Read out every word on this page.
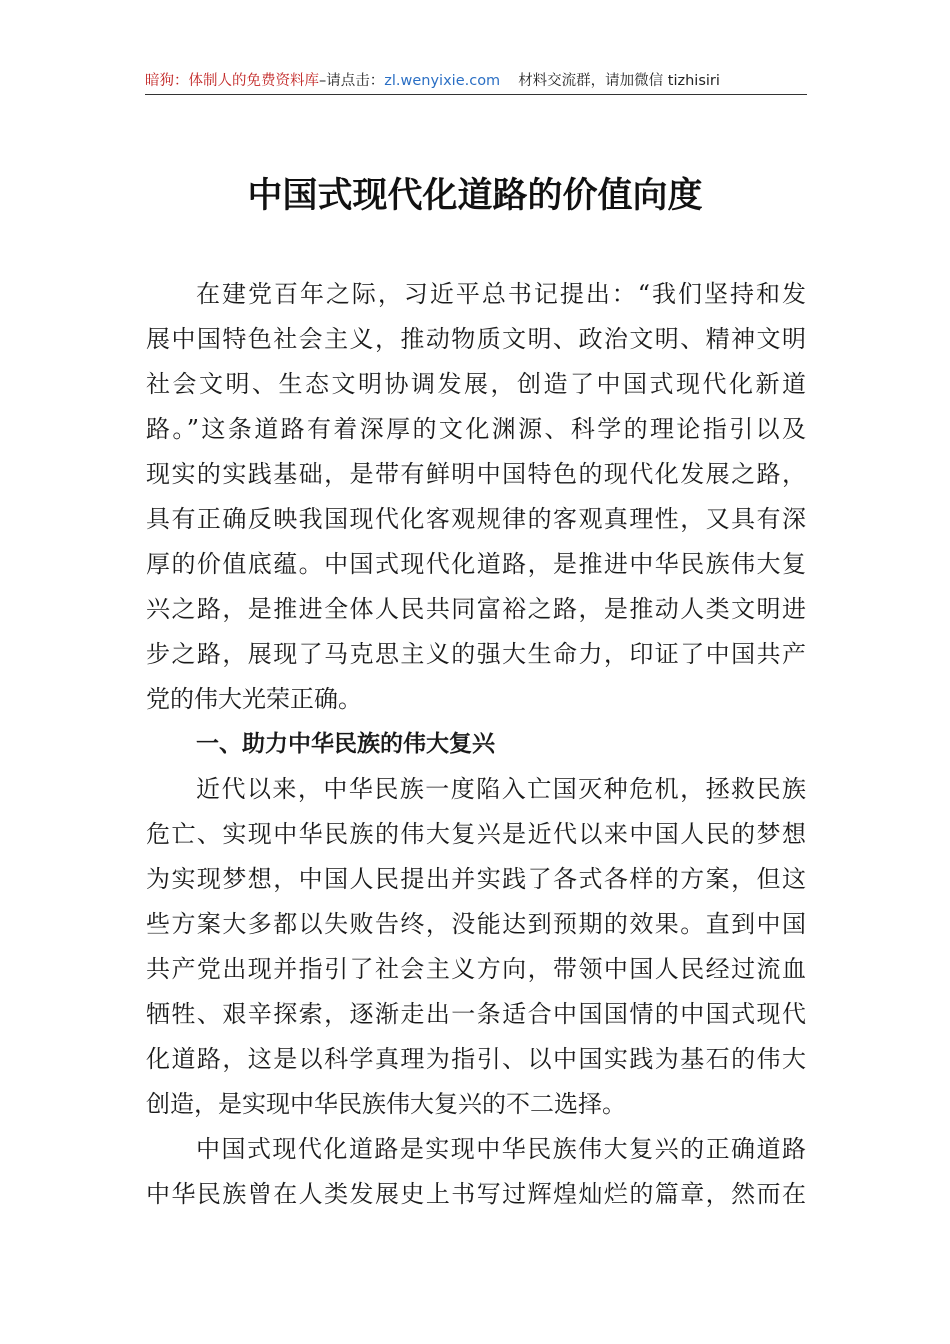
暗狗：体制人的免费资料库–请点击：zl.wenyixie.com 材料交流群，请加微信 tizhisiri
中国式现代化道路的价值向度
在建党百年之际，习近平总书记提出：“我们坚持和发
展中国特色社会主义，推动物质文明、政治文明、精神文明
社会文明、生态文明协调发展，创造了中国式现代化新道
路。”这条道路有着深厚的文化渊源、科学的理论指引以及
现实的实践基础，是带有鲜明中国特色的现代化发展之路，
具有正确反映我国现代化客观规律的客观真理性，又具有深
厚的价值底蕴。中国式现代化道路，是推进中华民族伟大复
兴之路，是推进全体人民共同富裕之路，是推动人类文明进
步之路，展现了马克思主义的强大生命力，印证了中国共产
党的伟大光荣正确。
一、助力中华民族的伟大复兴
近代以来，中华民族一度陷入亡国灭种危机，拯救民族
危亡、实现中华民族的伟大复兴是近代以来中国人民的梦想
为实现梦想，中国人民提出并实践了各式各样的方案，但这
些方案大多都以失败告终，没能达到预期的效果。直到中国
共产党出现并指引了社会主义方向，带领中国人民经过流血
牺牲、艰辛探索，逐渐走出一条适合中国国情的中国式现代
化道路，这是以科学真理为指引、以中国实践为基石的伟大
创造，是实现中华民族伟大复兴的不二选择。
中国式现代化道路是实现中华民族伟大复兴的正确道路
中华民族曾在人类发展史上书写过辉煌灿烂的篇章，然而在
